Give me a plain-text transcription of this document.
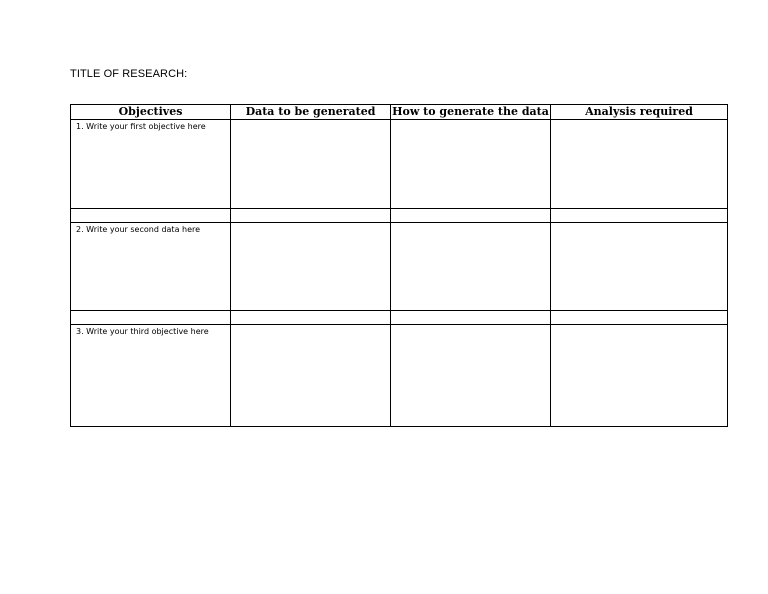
TITLE OF RESEARCH:
Objectives	Data to be generated	How to generate the data	Analysis required

1. Write your first objective here			

2. Write your second data here			

3. Write your third objective here			
